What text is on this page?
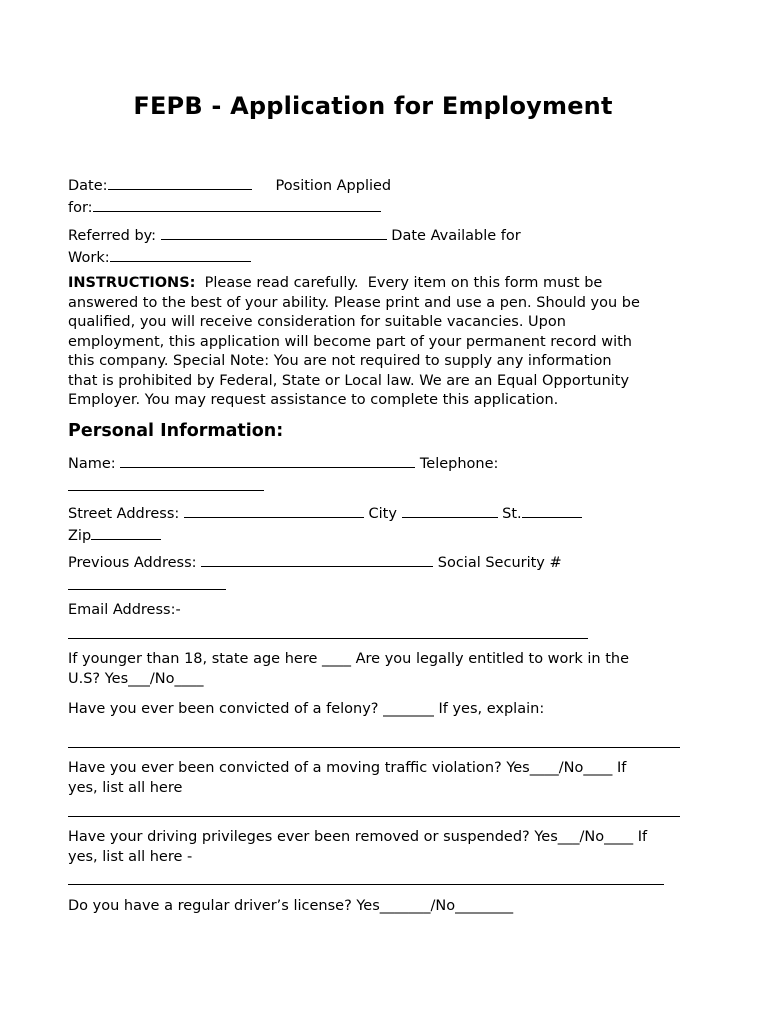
FEPB - Application for Employment
Date:	Position Applied
for:
Referred by:	Date Available for
Work:
INSTRUCTIONS:  Please read carefully.  Every item on this form must be
answered to the best of your ability. Please print and use a pen. Should you be
qualified, you will receive consideration for suitable vacancies. Upon
employment, this application will become part of your permanent record with
this company. Special Note: You are not required to supply any information
that is prohibited by Federal, State or Local law. We are an Equal Opportunity
Employer. You may request assistance to complete this application.
Personal Information:
Name:	Telephone:
Street Address:	City	St.
Zip
Previous Address:	Social Security #
Email Address:-
If younger than 18, state age here ____ Are you legally entitled to work in the
U.S? Yes___/No____
Have you ever been convicted of a felony? _______ If yes, explain:
Have you ever been convicted of a moving traffic violation? Yes____/No____ If
yes, list all here
Have your driving privileges ever been removed or suspended? Yes___/No____ If
yes, list all here -
Do you have a regular driver’s license? Yes_______/No________
